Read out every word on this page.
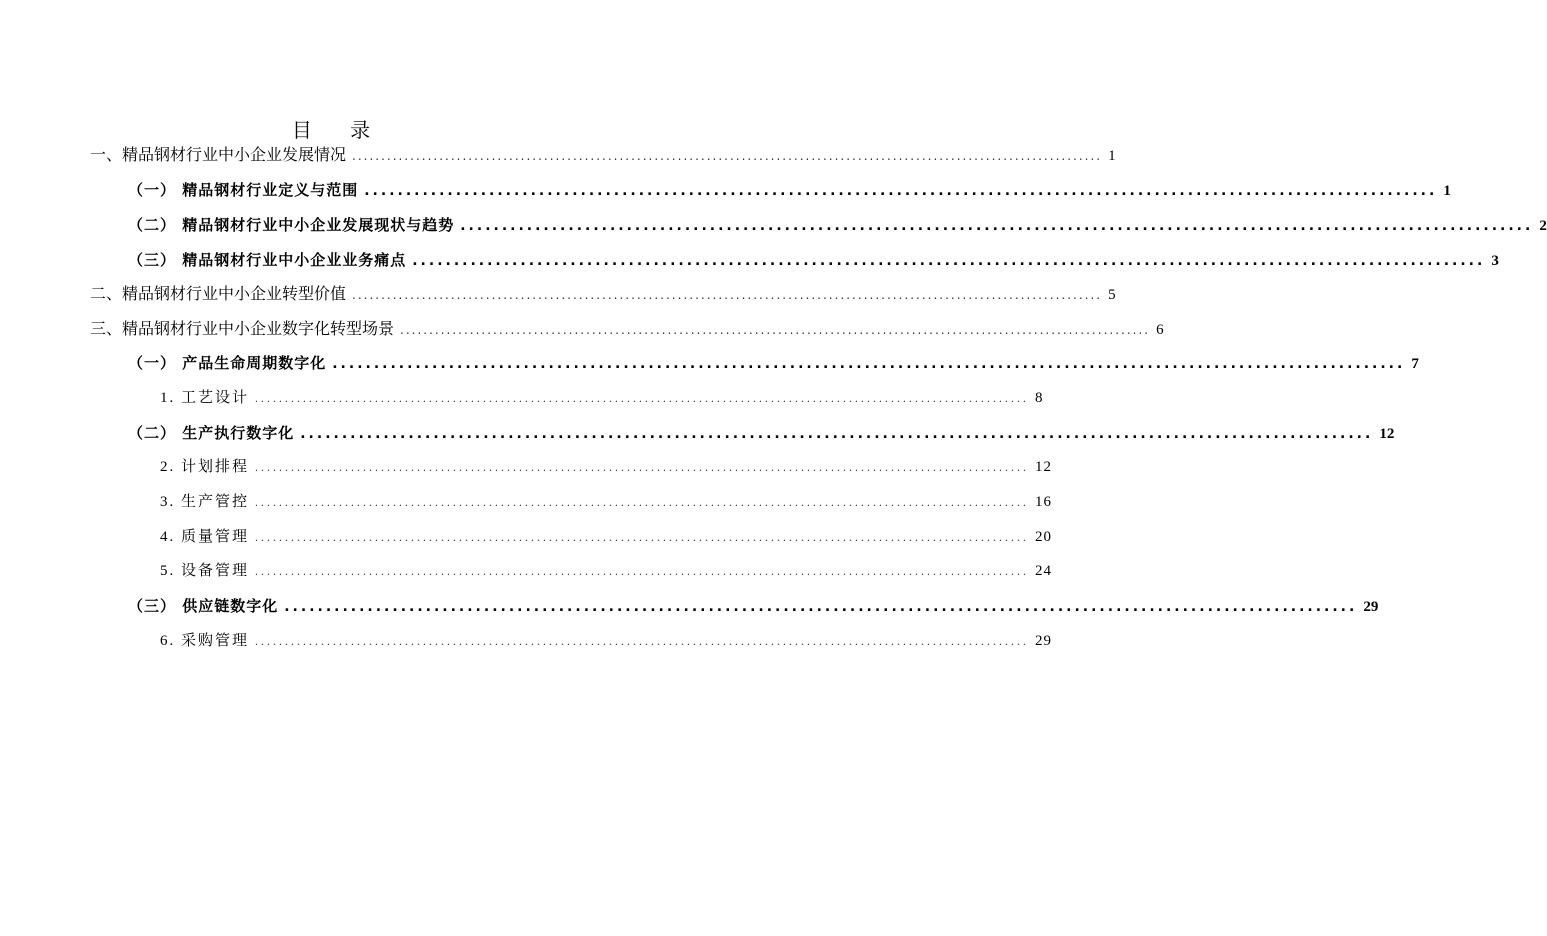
目 录
一、精品钢材行业中小企业发展情况 ................................................................................................................................. 1
（一） 精品钢材行业定义与范围 ................................................................................................................................. 1
（二） 精品钢材行业中小企业发展现状与趋势 ................................................................................................................................. 2
（三） 精品钢材行业中小企业业务痛点 ................................................................................................................................. 3
二、精品钢材行业中小企业转型价值 ................................................................................................................................. 5
三、精品钢材行业中小企业数字化转型场景 ................................................................................................................................. 6
（一） 产品生命周期数字化 ................................................................................................................................. 7
1. 工艺设计 ................................................................................................................................. 8
（二） 生产执行数字化 ................................................................................................................................. 12
2. 计划排程 ................................................................................................................................. 12
3. 生产管控 ................................................................................................................................. 16
4. 质量管理 ................................................................................................................................. 20
5. 设备管理 ................................................................................................................................. 24
（三） 供应链数字化 ................................................................................................................................. 29
6. 采购管理 ................................................................................................................................. 29
